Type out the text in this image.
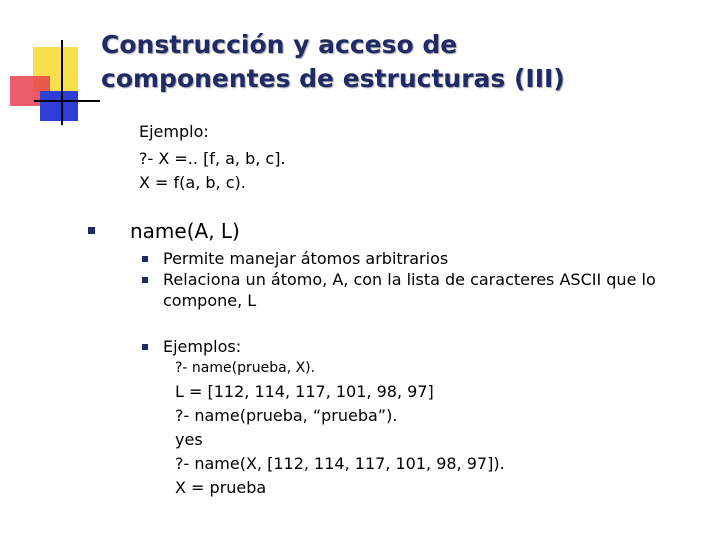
Construcción y acceso de
componentes de estructuras (III)
Ejemplo:
?- X =.. [f, a, b, c].
X = f(a, b, c).
name(A, L)
Permite manejar átomos arbitrarios
Relaciona un átomo, A, con la lista de caracteres ASCII que lo
compone, L
Ejemplos:
?- name(prueba, X).
L = [112, 114, 117, 101, 98, 97]
?- name(prueba, “prueba”).
yes
?- name(X, [112, 114, 117, 101, 98, 97]).
X = prueba
